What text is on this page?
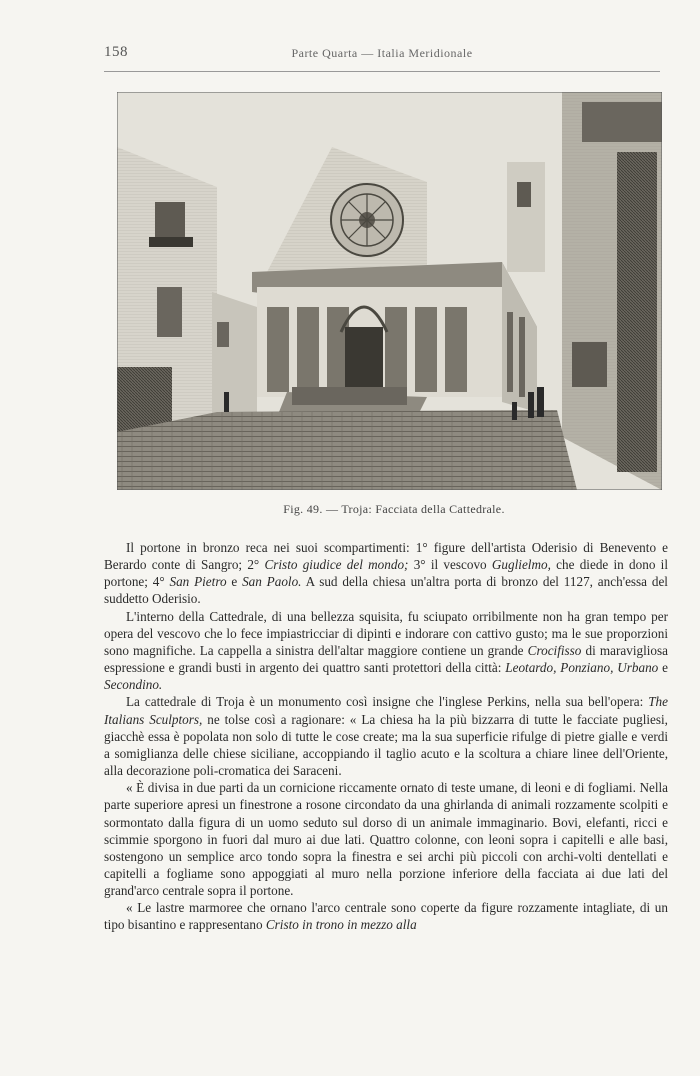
158	Parte Quarta — Italia Meridionale
Fig. 49. — Troja: Facciata della Cattedrale.

Il portone in bronzo reca nei suoi scompartimenti: 1° figure dell'artista Oderisio di Benevento e Berardo conte di Sangro; 2° Cristo giudice del mondo; 3° il vescovo Guglielmo, che diede in dono il portone; 4° San Pietro e San Paolo. A sud della chiesa un'altra porta di bronzo del 1127, anch'essa del suddetto Oderisio.

L'interno della Cattedrale, di una bellezza squisita, fu sciupato orribilmente non ha gran tempo per opera del vescovo che lo fece impiastricciar di dipinti e indorare con cattivo gusto; ma le sue proporzioni sono magnifiche. La cappella a sinistra dell'altar maggiore contiene un grande Crocifisso di maravigliosa espressione e grandi busti in argento dei quattro santi protettori della città: Leotardo, Ponziano, Urbano e Secondino.

La cattedrale di Troja è un monumento così insigne che l'inglese Perkins, nella sua bell'opera: The Italians Sculptors, ne tolse così a ragionare: « La chiesa ha la più bizzarra di tutte le facciate pugliesi, giacchè essa è popolata non solo di tutte le cose create; ma la sua superficie rifulge di pietre gialle e verdi a somiglianza delle chiese siciliane, accoppiando il taglio acuto e la scoltura a chiare linee dell'Oriente, alla decorazione poli-cromatica dei Saraceni.

« È divisa in due parti da un cornicione riccamente ornato di teste umane, di leoni e di fogliami. Nella parte superiore apresi un finestrone a rosone circondato da una ghirlanda di animali rozzamente scolpiti e sormontato dalla figura di un uomo seduto sul dorso di un animale immaginario. Bovi, elefanti, ricci e scimmie sporgono in fuori dal muro ai due lati. Quattro colonne, con leoni sopra i capitelli e alle basi, sostengono un semplice arco tondo sopra la finestra e sei archi più piccoli con archi-volti dentellati e capitelli a fogliame sono appoggiati al muro nella porzione inferiore della facciata ai due lati del grand'arco centrale sopra il portone.

« Le lastre marmoree che ornano l'arco centrale sono coperte da figure rozzamente intagliate, di un tipo bisantino e rappresentano Cristo in trono in mezzo alla
